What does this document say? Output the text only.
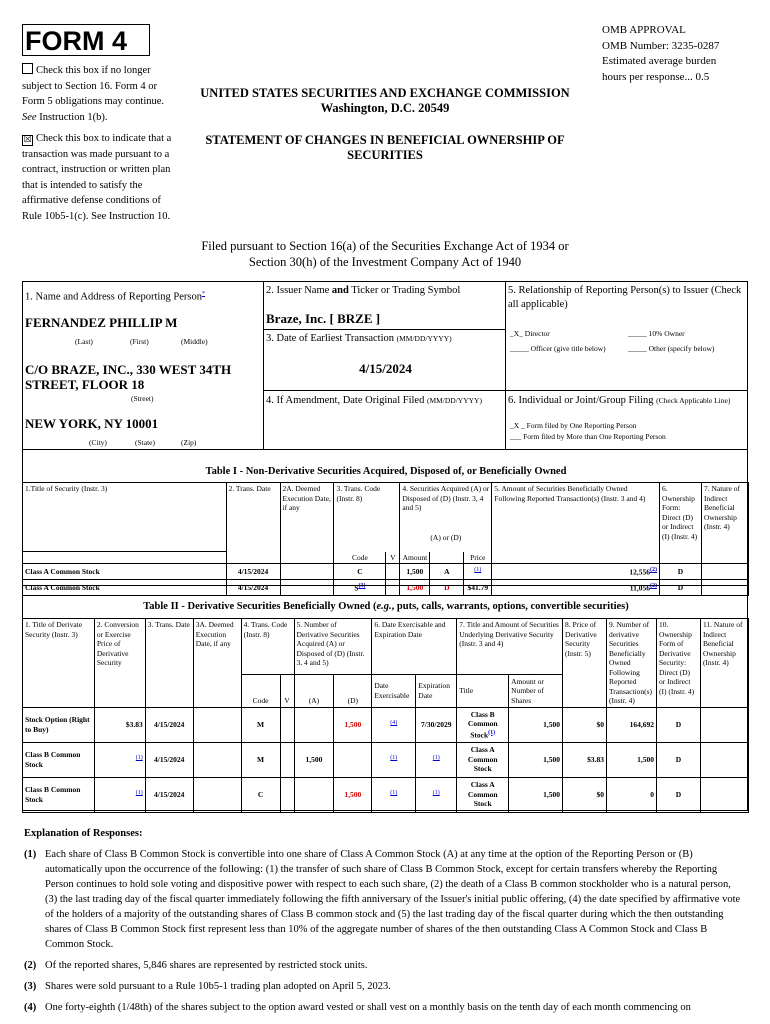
FORM 4	OMB APPROVAL
OMB Number: 3235-0287
Estimated average burden
hours per response... 0.5
Check this box if no longer subject to Section 16. Form 4 or Form 5 obligations may continue. See Instruction 1(b).
☒ Check this box to indicate that a transaction was made pursuant to a contract, instruction or written plan that is intended to satisfy the affirmative defense conditions of Rule 10b5-1(c). See Instruction 10.
UNITED STATES SECURITIES AND EXCHANGE COMMISSION
Washington, D.C. 20549
STATEMENT OF CHANGES IN BENEFICIAL OWNERSHIP OF SECURITIES
Filed pursuant to Section 16(a) of the Securities Exchange Act of 1934 or
Section 30(h) of the Investment Company Act of 1940
1. Name and Address of Reporting Person*
FERNANDEZ PHILLIP M
(Last)	(First)	(Middle)
C/O BRAZE, INC., 330 WEST 34TH STREET, FLOOR 18
(Street)
NEW YORK, NY 10001
(City)	(State)	(Zip)
2. Issuer Name and Ticker or Trading Symbol
Braze, Inc. [ BRZE ]
3. Date of Earliest Transaction (MM/DD/YYYY)
4/15/2024
4. If Amendment, Date Original Filed (MM/DD/YYYY)
5. Relationship of Reporting Person(s) to Issuer (Check all applicable)
_X_ Director	_____ 10% Owner
_____ Officer (give title below)	_____ Other (specify below)
6. Individual or Joint/Group Filing (Check Applicable Line)
_X _ Form filed by One Reporting Person
___ Form filed by More than One Reporting Person
Table I - Non-Derivative Securities Acquired, Disposed of, or Beneficially Owned
1.Title of Security (Instr. 3)	2. Trans. Date	2A. Deemed Execution Date, if any	3. Trans. Code (Instr. 8)		4. Securities Acquired (A) or Disposed of (D) (Instr. 3, 4 and 5)
(A) or (D)			5. Amount of Securities Beneficially Owned Following Reported Transaction(s) (Instr. 3 and 4)	6. Ownership Form: Direct (D) or Indirect (I) (Instr. 4)	7. Nature of Indirect Beneficial Ownership (Instr. 4)
			Code	V	Amount		Price			
Class A Common Stock	4/15/2024		C		1,500	A	$^{(1)}$	12,556$^{(2)}$	D	
Class A Common Stock	4/15/2024		$S^{(3)}$		1,500	D	$41.79	11,056$^{(2)}$	D	
Table II - Derivative Securities Beneficially Owned (e.g., puts, calls, warrants, options, convertible securities)
1. Title of Derivate Security (Instr. 3)	2. Conversion or Exercise Price of Derivative Security	3. Trans. Date	3A. Deemed Execution Date, if any	4. Trans. Code (Instr. 8)		5. Number of Derivative Securities Acquired (A) or Disposed of (D) (Instr. 3, 4 and 5)		6. Date Exercisable and Expiration Date		7. Title and Amount of Securities Underlying Derivative Security (Instr. 3 and 4)		8. Price of Derivative Security (Instr. 5)	9. Number of derivative Securities Beneficially Owned Following Reported Transaction(s) (Instr. 4)	10. Ownership Form of Derivative Security: Direct (D) or Indirect (I) (Instr. 4)	11. Nature of Indirect Beneficial Ownership (Instr. 4)
				Code	V	(A)	(D)	Date Exercisable	Expiration Date	Title	Amount or Number of Shares				
Stock Option (Right to Buy)	$3.83	4/15/2024		M			1,500	$^{(4)}$	7/30/2029	Class B Common Stock$^{(1)}$	1,500	$0	164,692	D	
Class B Common Stock	$^{(1)}$	4/15/2024		M		1,500		$^{(1)}$	$^{(1)}$	Class A Common Stock	1,500	$3.83	1,500	D	
Class B Common Stock	$^{(1)}$	4/15/2024		C			1,500	$^{(1)}$	$^{(1)}$	Class A Common Stock	1,500	$0	0	D	
Explanation of Responses:
(1) Each share of Class B Common Stock is convertible into one share of Class A Common Stock (A) at any time at the option of the Reporting Person or (B) automatically upon the occurrence of the following: (1) the transfer of such share of Class B Common Stock, except for certain transfers whereby the Reporting Person continues to hold sole voting and dispositive power with respect to each such share, (2) the death of a Class B common stockholder who is a natural person, (3) the last trading day of the fiscal quarter immediately following the fifth anniversary of the Issuer's initial public offering, (4) the date specified by affirmative vote of the holders of a majority of the outstanding shares of Class B common stock and (5) the last trading day of the fiscal quarter during which the then outstanding shares of Class B Common Stock first represent less than 10% of the aggregate number of shares of the then outstanding Class A Common Stock and Class B Common Stock.
(2) Of the reported shares, 5,846 shares are represented by restricted stock units.
(3) Shares were sold pursuant to a Rule 10b5-1 trading plan adopted on April 5, 2023.
(4) One forty-eighth (1/48th) of the shares subject to the option award vested or shall vest on a monthly basis on the tenth day of each month commencing on
